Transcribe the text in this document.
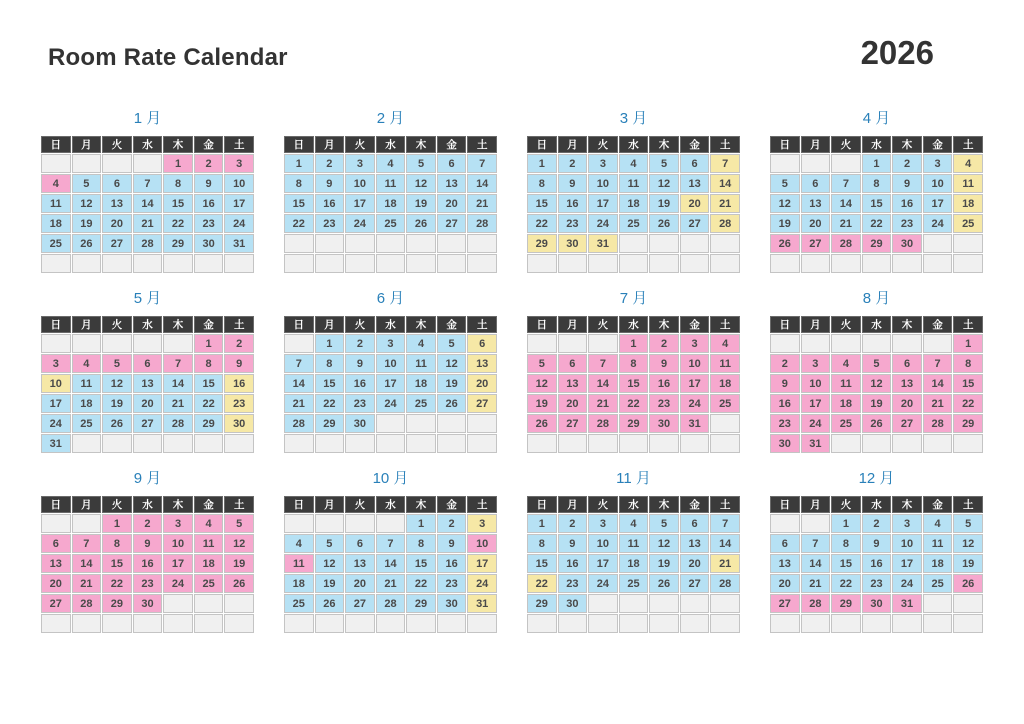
Room Rate Calendar	2026
1 月
日	月	火	水	木	金	土
				1	2	3
4	5	6	7	8	9	10
11	12	13	14	15	16	17
18	19	20	21	22	23	24
25	26	27	28	29	30	31

2 月
日	月	火	水	木	金	土
1	2	3	4	5	6	7
8	9	10	11	12	13	14
15	16	17	18	19	20	21
22	23	24	25	26	27	28

3 月
日	月	火	水	木	金	土
1	2	3	4	5	6	7
8	9	10	11	12	13	14
15	16	17	18	19	20	21
22	23	24	25	26	27	28
29	30	31				

4 月
日	月	火	水	木	金	土
			1	2	3	4
5	6	7	8	9	10	11
12	13	14	15	16	17	18
19	20	21	22	23	24	25
26	27	28	29	30		

5 月
日	月	火	水	木	金	土
					1	2
3	4	5	6	7	8	9
10	11	12	13	14	15	16
17	18	19	20	21	22	23
24	25	26	27	28	29	30
31						
6 月
日	月	火	水	木	金	土
	1	2	3	4	5	6
7	8	9	10	11	12	13
14	15	16	17	18	19	20
21	22	23	24	25	26	27
28	29	30				

7 月
日	月	火	水	木	金	土
			1	2	3	4
5	6	7	8	9	10	11
12	13	14	15	16	17	18
19	20	21	22	23	24	25
26	27	28	29	30	31	

8 月
日	月	火	水	木	金	土
						1
2	3	4	5	6	7	8
9	10	11	12	13	14	15
16	17	18	19	20	21	22
23	24	25	26	27	28	29
30	31					
9 月
日	月	火	水	木	金	土
		1	2	3	4	5
6	7	8	9	10	11	12
13	14	15	16	17	18	19
20	21	22	23	24	25	26
27	28	29	30			

10 月
日	月	火	水	木	金	土
				1	2	3
4	5	6	7	8	9	10
11	12	13	14	15	16	17
18	19	20	21	22	23	24
25	26	27	28	29	30	31

11 月
日	月	火	水	木	金	土
1	2	3	4	5	6	7
8	9	10	11	12	13	14
15	16	17	18	19	20	21
22	23	24	25	26	27	28
29	30					

12 月
日	月	火	水	木	金	土
		1	2	3	4	5
6	7	8	9	10	11	12
13	14	15	16	17	18	19
20	21	22	23	24	25	26
27	28	29	30	31		
